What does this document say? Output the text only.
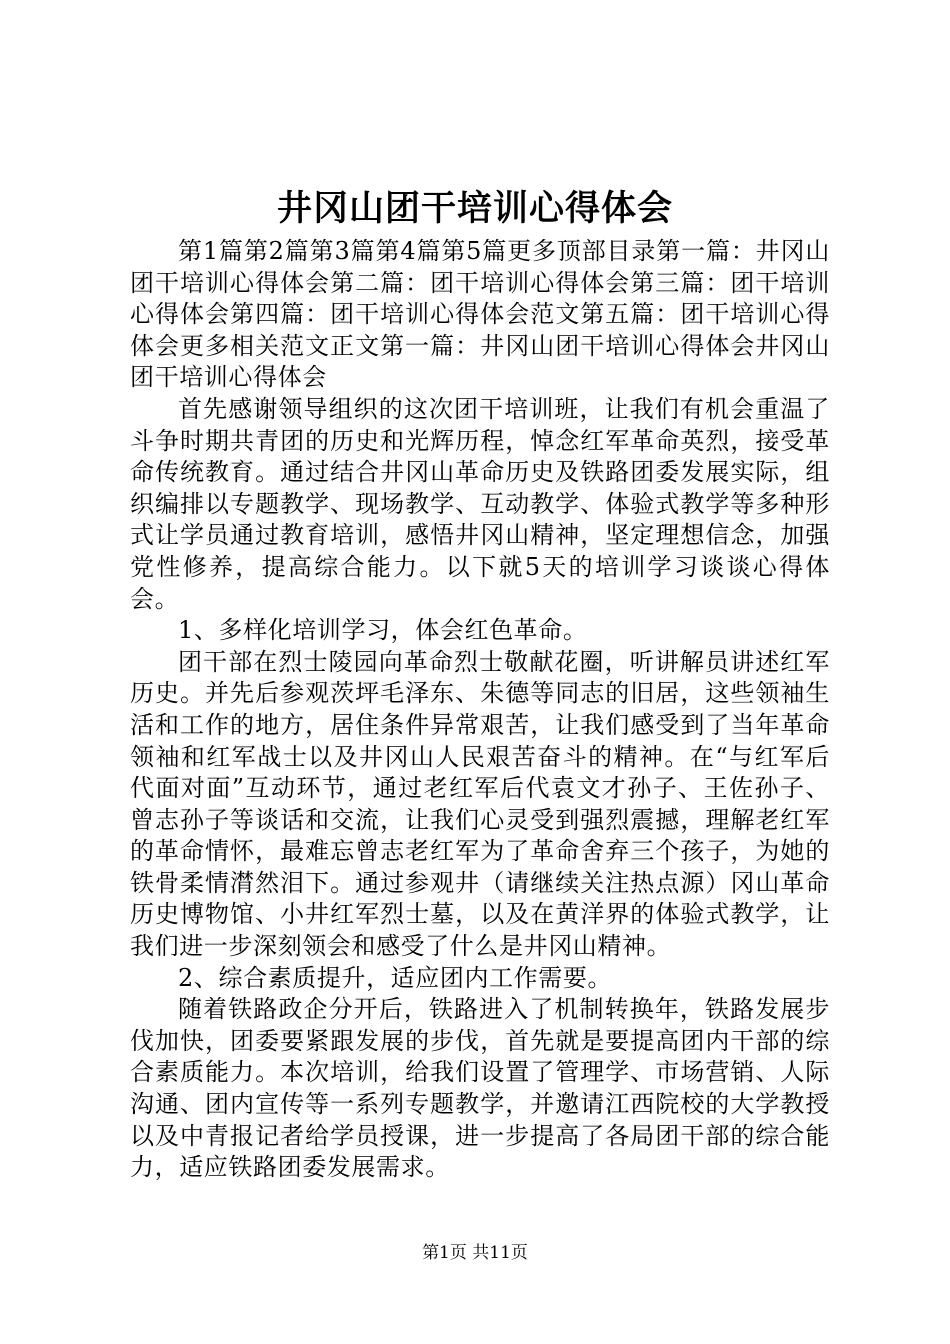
井冈山团干培训心得体会

第1篇第2篇第3篇第4篇第5篇更多顶部目录第一篇：井冈山团干培训心得体会第二篇：团干培训心得体会第三篇：团干培训心得体会第四篇：团干培训心得体会范文第五篇：团干培训心得体会更多相关范文正文第一篇：井冈山团干培训心得体会井冈山团干培训心得体会

首先感谢领导组织的这次团干培训班，让我们有机会重温了斗争时期共青团的历史和光辉历程，悼念红军革命英烈，接受革命传统教育。通过结合井冈山革命历史及铁路团委发展实际，组织编排以专题教学、现场教学、互动教学、体验式教学等多种形式让学员通过教育培训，感悟井冈山精神，坚定理想信念，加强党性修养，提高综合能力。以下就5天的培训学习谈谈心得体会。

1、多样化培训学习，体会红色革命。

团干部在烈士陵园向革命烈士敬献花圈，听讲解员讲述红军历史。并先后参观茨坪毛泽东、朱德等同志的旧居，这些领袖生活和工作的地方，居住条件异常艰苦，让我们感受到了当年革命领袖和红军战士以及井冈山人民艰苦奋斗的精神。在“与红军后代面对面”互动环节，通过老红军后代袁文才孙子、王佐孙子、曾志孙子等谈话和交流，让我们心灵受到强烈震撼，理解老红军的革命情怀，最难忘曾志老红军为了革命舍弃三个孩子，为她的铁骨柔情潸然泪下。通过参观井（请继续关注热点源）冈山革命历史博物馆、小井红军烈士墓，以及在黄洋界的体验式教学，让我们进一步深刻领会和感受了什么是井冈山精神。

2、综合素质提升，适应团内工作需要。

随着铁路政企分开后，铁路进入了机制转换年，铁路发展步伐加快，团委要紧跟发展的步伐，首先就是要提高团内干部的综合素质能力。本次培训，给我们设置了管理学、市场营销、人际沟通、团内宣传等一系列专题教学，并邀请江西院校的大学教授以及中青报记者给学员授课，进一步提高了各局团干部的综合能力，适应铁路团委发展需求。

第1页 共11页
